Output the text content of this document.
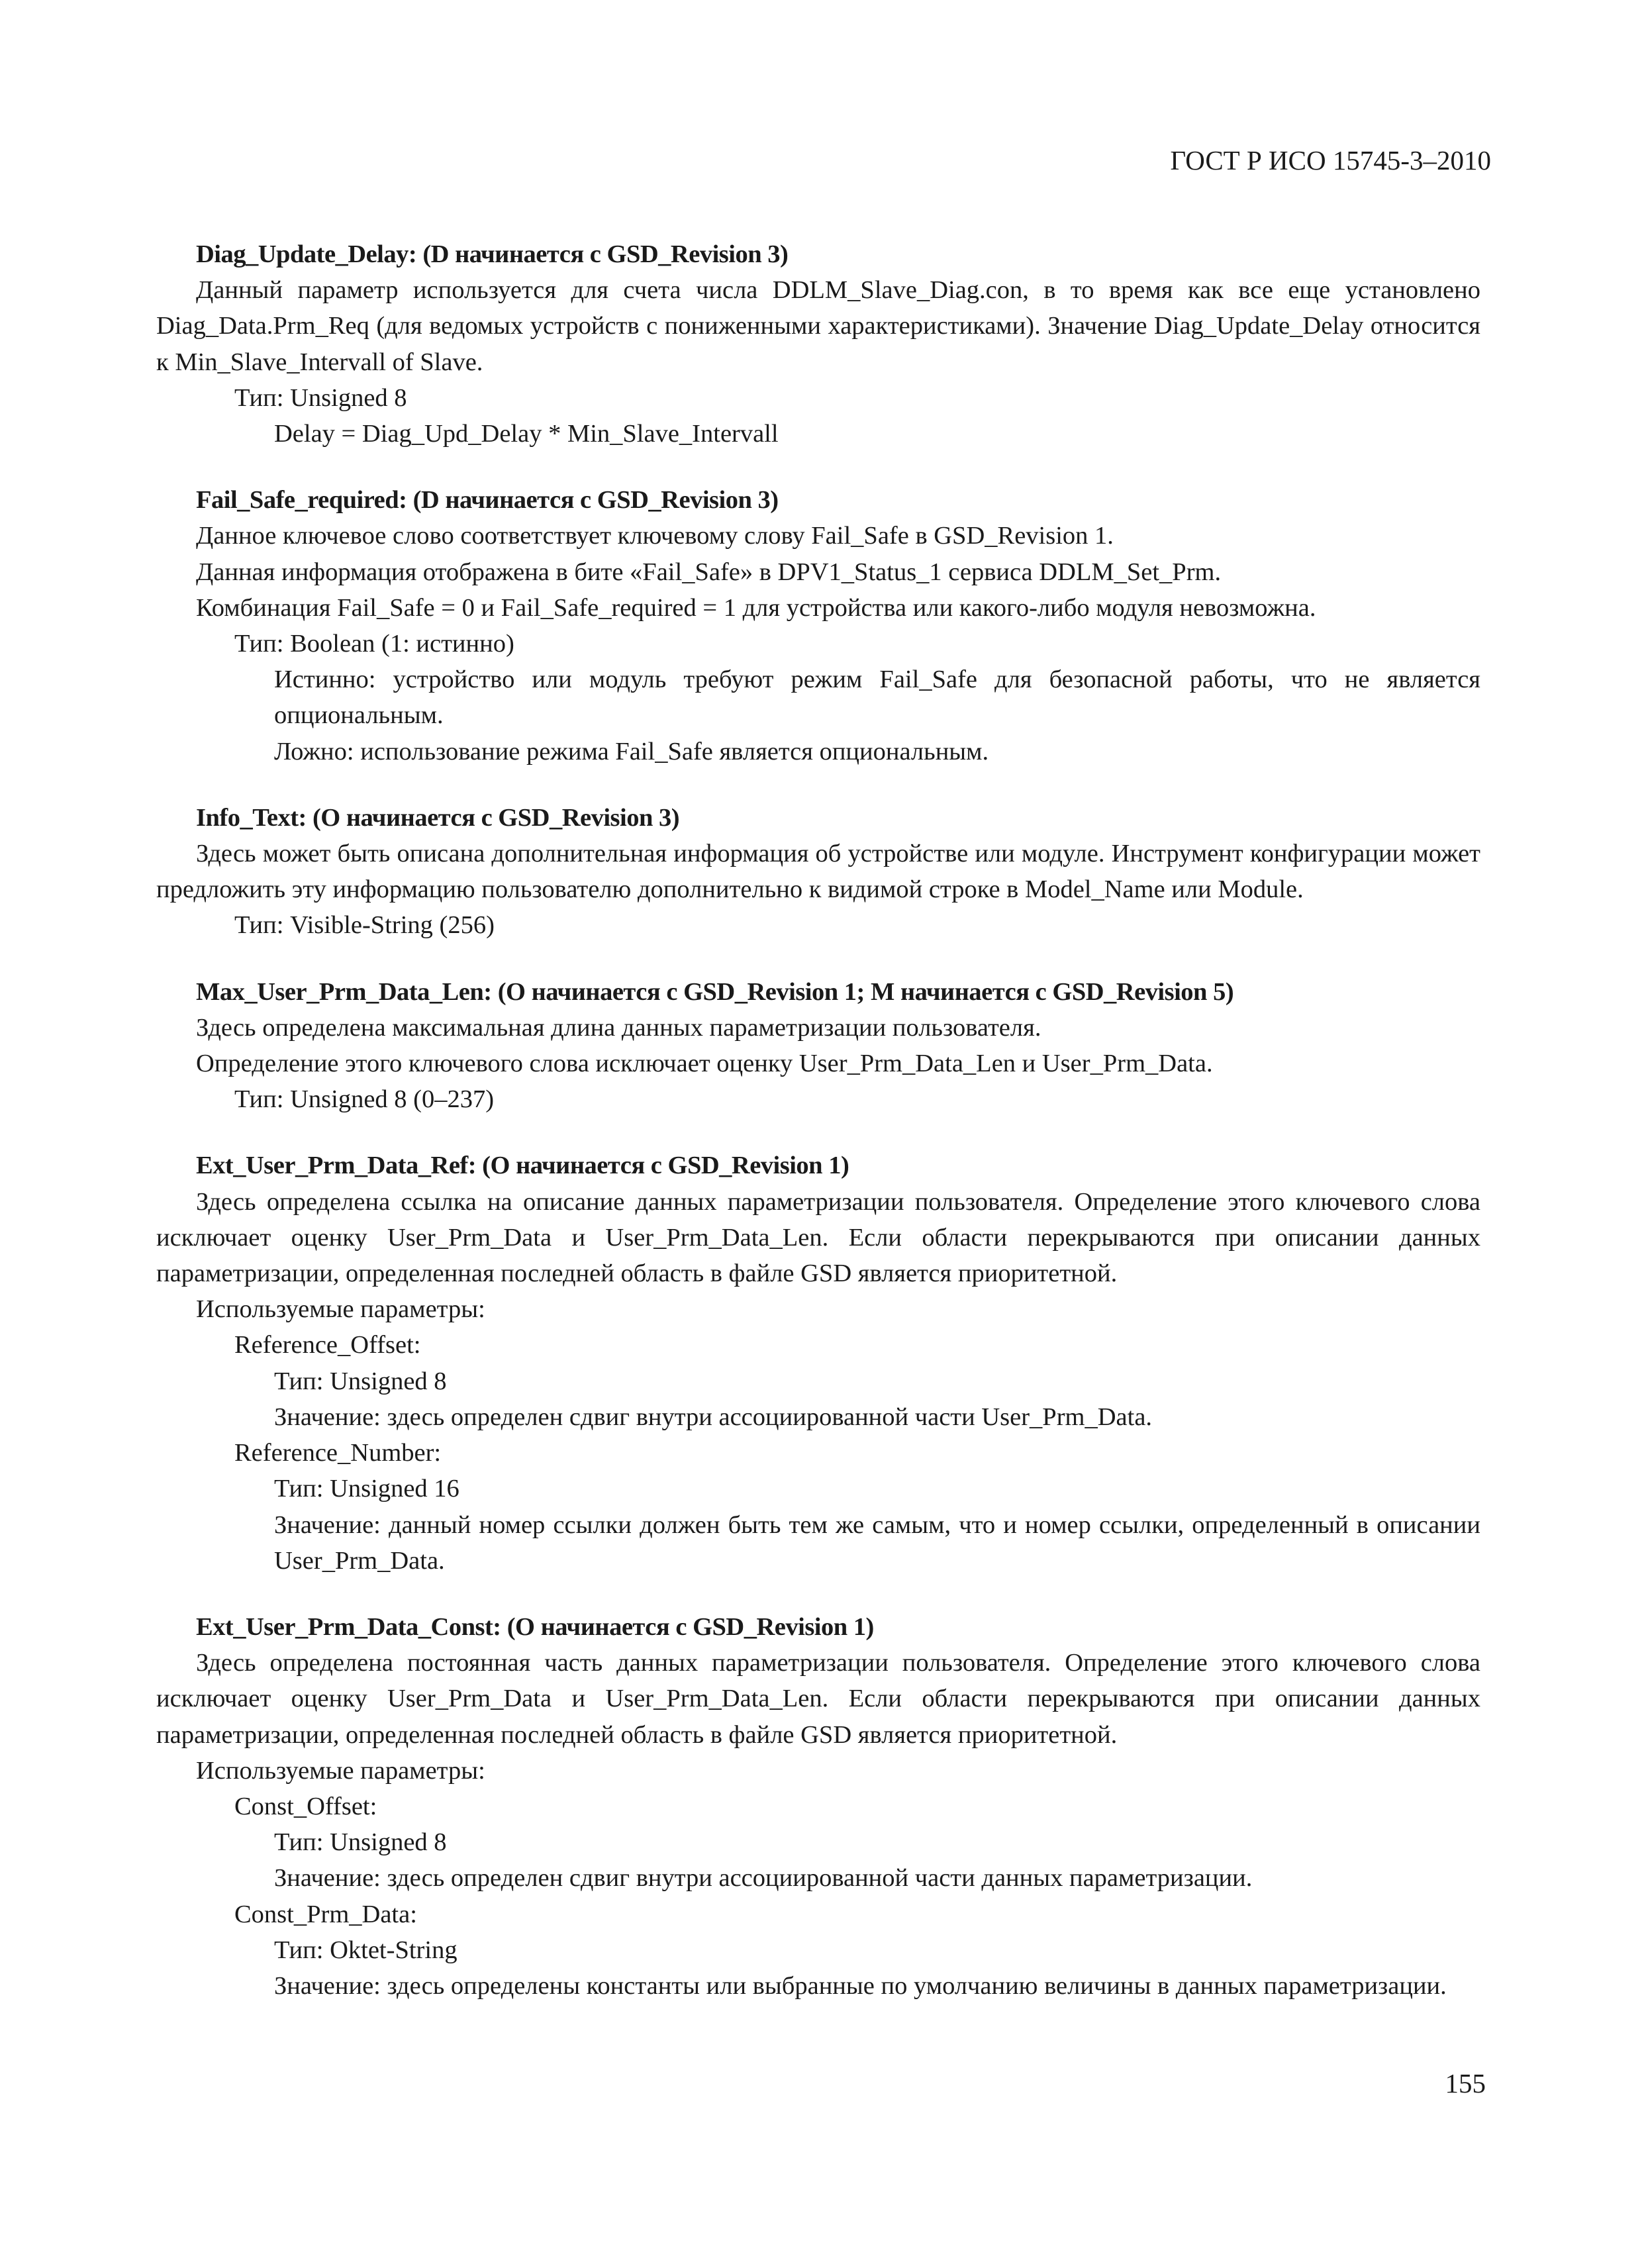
ГОСТ Р ИСО 15745-3–2010
Diag_Update_Delay: (D начинается с GSD_Revision 3)

Данный параметр используется для счета числа DDLM_Slave_Diag.con, в то время как все еще установлено Diag_Data.Prm_Req (для ведомых устройств с пониженными характеристиками). Значение Diag_Update_Delay относится к Min_Slave_Intervall of Slave.

Тип: Unsigned 8
Delay = Diag_Upd_Delay * Min_Slave_Intervall
Fail_Safe_required: (D начинается с GSD_Revision 3)
Данное ключевое слово соответствует ключевому слову Fail_Safe в GSD_Revision 1.
Данная информация отображена в бите «Fail_Safe» в DPV1_Status_1 сервиса DDLM_Set_Prm.
Комбинация Fail_Safe = 0 и Fail_Safe_required = 1 для устройства или какого-либо модуля невозможна.
Тип: Boolean (1: истинно)
Истинно: устройство или модуль требуют режим Fail_Safe для безопасной работы, что не является опциональным.
Ложно: использование режима Fail_Safe является опциональным.
Info_Text: (O начинается с GSD_Revision 3)

Здесь может быть описана дополнительная информация об устройстве или модуле. Инструмент конфигурации может предложить эту информацию пользователю дополнительно к видимой строке в Model_Name или Module.

Тип: Visible-String (256)
Max_User_Prm_Data_Len: (O начинается с GSD_Revision 1; M начинается с GSD_Revision 5)
Здесь определена максимальная длина данных параметризации пользователя.
Определение этого ключевого слова исключает оценку User_Prm_Data_Len и User_Prm_Data.
Тип: Unsigned 8 (0–237)
Ext_User_Prm_Data_Ref: (O начинается с GSD_Revision 1)

Здесь определена ссылка на описание данных параметризации пользователя. Определение этого ключевого слова исключает оценку User_Prm_Data и User_Prm_Data_Len. Если области перекрываются при описании данных параметризации, определенная последней область в файле GSD является приоритетной.

Используемые параметры:
Reference_Offset:
Тип: Unsigned 8
Значение: здесь определен сдвиг внутри ассоциированной части User_Prm_Data.
Reference_Number:
Тип: Unsigned 16
Значение: данный номер ссылки должен быть тем же самым, что и номер ссылки, определенный в описании User_Prm_Data.
Ext_User_Prm_Data_Const: (O начинается с GSD_Revision 1)

Здесь определена постоянная часть данных параметризации пользователя. Определение этого ключевого слова исключает оценку User_Prm_Data и User_Prm_Data_Len. Если области перекрываются при описании данных параметризации, определенная последней область в файле GSD является приоритетной.

Используемые параметры:
Const_Offset:
Тип: Unsigned 8
Значение: здесь определен сдвиг внутри ассоциированной части данных параметризации.
Const_Prm_Data:
Тип: Oktet-String
Значение: здесь определены константы или выбранные по умолчанию величины в данных параметризации.
155
